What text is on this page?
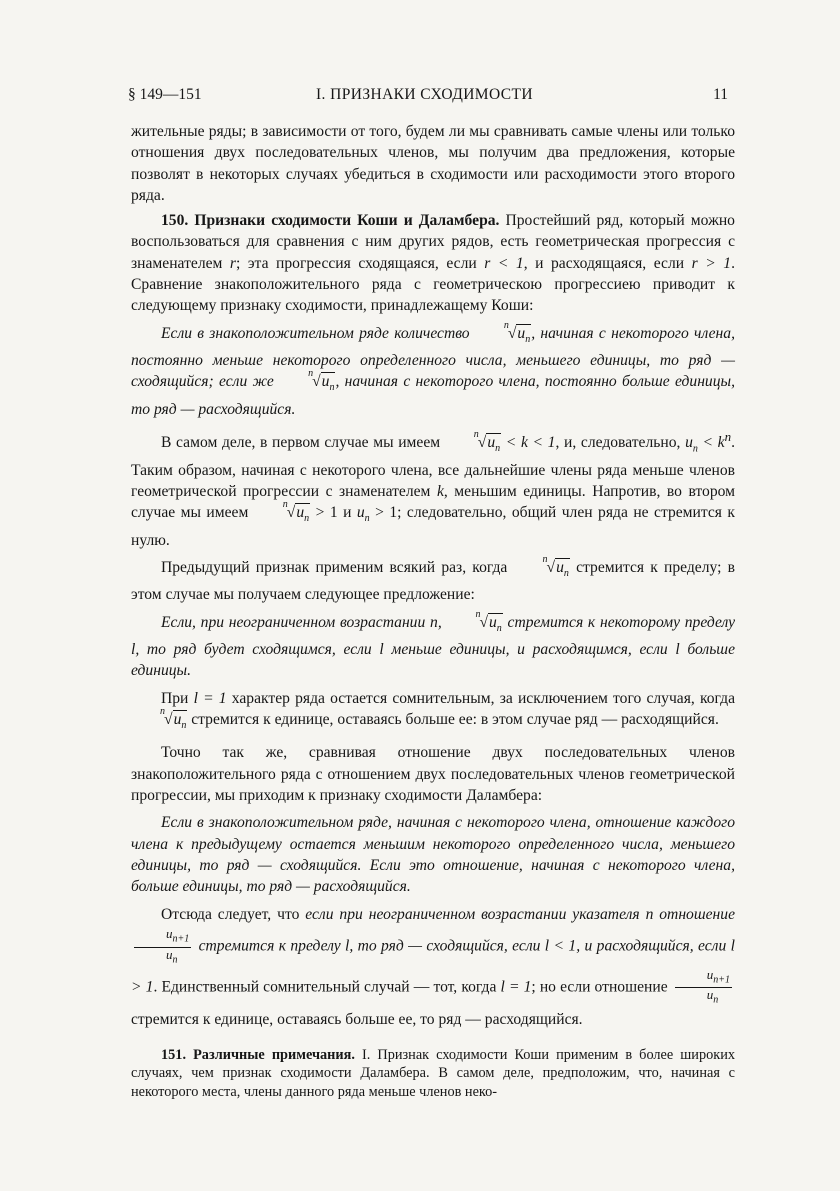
§ 149—151	I. ПРИЗНАКИ СХОДИМОСТИ	11

жительные ряды; в зависимости от того, будем ли мы сравнивать самые члены или только отношения двух последовательных членов, мы получим два предложения, которые позволят в некоторых случаях убедиться в сходимости или расходимости этого второго ряда.

150. Признаки сходимости Коши и Даламбера. Простейший ряд, который можно воспользоваться для сравнения с ним других рядов, есть геометрическая прогрессия с знаменателем r; эта прогрессия сходящаяся, если r < 1, и расходящаяся, если r > 1. Сравнение знакоположительного ряда с геометрическою прогрессиею приводит к следующему признаку сходимости, принадлежащему Коши:

Если в знакоположительном ряде количество	n $√u_n$, начиная с некоторого члена, постоянно меньше некоторого определенного числа, меньшего единицы, то ряд — сходящийся; если же	n $√u_n$, начиная с некоторого члена, постоянно больше единицы, то ряд — расходящийся.

В самом деле, в первом случае мы имеем	n $√u_n < k < 1$, и, следовательно, $u_n < k^n$. Таким образом, начиная с некоторого члена, все дальнейшие члены ряда меньше членов геометрической прогрессии с знаменателем k, меньшим единицы. Напротив, во втором случае мы имеем	n $√u_n > 1$ и $u_n > 1$; следовательно, общий член ряда не стремится к нулю.

Предыдущий признак применим всякий раз, когда	n $√u_n$ стремится к пределу; в этом случае мы получаем следующее предложение:

Если, при неограниченном возрастании n,	n $√u_n$ стремится к некоторому пределу l, то ряд будет сходящимся, если l меньше единицы, и расходящимся, если l больше единицы.

При l = 1 характер ряда остается сомнительным, за исключением того случая, когда
n $√u_n$ стремится к единице, оставаясь больше ее: в этом случае ряд — расходящийся.

Точно так же, сравнивая отношение двух последовательных членов знакоположительного ряда с отношением двух последовательных членов геометрической прогрессии, мы приходим к признаку сходимости Даламбера:

Если в знакоположительном ряде, начиная с некоторого члена, отношение каждого члена к предыдущему остается меньшим некоторого определенного числа, меньшего единицы, то ряд — сходящийся. Если это отношение, начиная с некоторого члена, больше единицы, то ряд — расходящийся.

Отсюда следует, что если при неограниченном возрастании указателя n отношение
$\frac{u_{n+1}}{u_n}$ стремится к пределу l, то ряд — сходящийся, если l < 1, и расходящийся, если l > 1. Единственный сомнительный случай — тот, когда l = 1; но если отношение $\frac{u_{n+1}}{u_n}$
стремится к единице, оставаясь больше ее, то ряд — расходящийся.

151. Различные примечания. I. Признак сходимости Коши применим в более широких случаях, чем признак сходимости Даламбера. В самом деле, предположим, что, начиная с некоторого места, члены данного ряда меньше членов неко-
